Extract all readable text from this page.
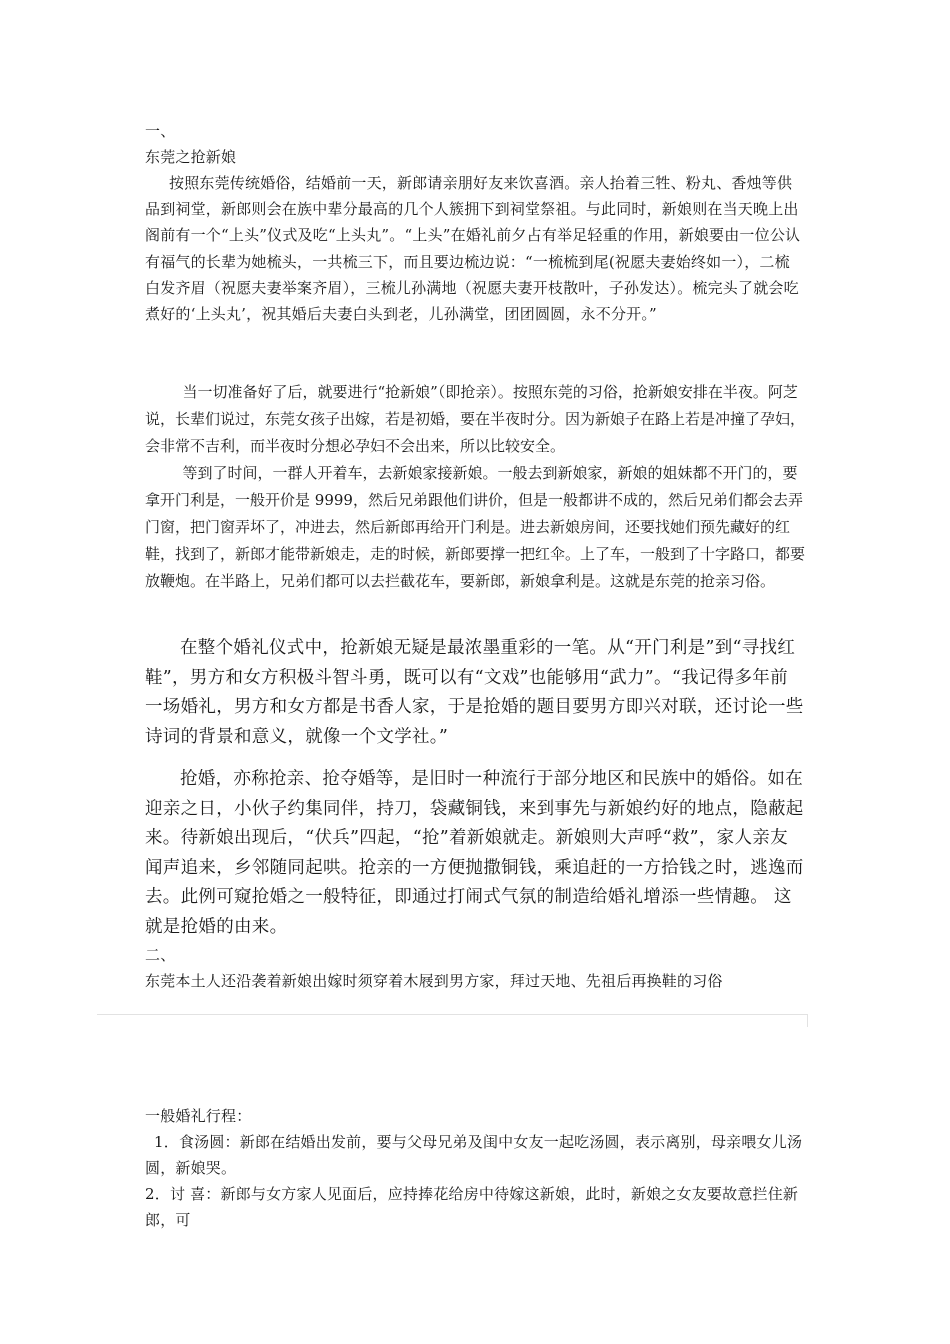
一、
东莞之抢新娘

按照东莞传统婚俗，结婚前一天，新郎请亲朋好友来饮喜酒。亲人抬着三牲、粉丸、香烛等供品到祠堂，新郎则会在族中辈分最高的几个人簇拥下到祠堂祭祖。与此同时，新娘则在当天晚上出阁前有一个“上头”仪式及吃“上头丸”。“上头”在婚礼前夕占有举足轻重的作用，新娘要由一位公认有福气的长辈为她梳头，一共梳三下，而且要边梳边说：“一梳梳到尾(祝愿夫妻始终如一），二梳白发齐眉（祝愿夫妻举案齐眉），三梳儿孙满地（祝愿夫妻开枝散叶，子孙发达）。梳完头了就会吃煮好的‘上头丸’，祝其婚后夫妻白头到老，儿孙满堂，团团圆圆，永不分开。”

当一切准备好了后，就要进行“抢新娘”（即抢亲）。按照东莞的习俗，抢新娘安排在半夜。阿芝说，长辈们说过，东莞女孩子出嫁，若是初婚，要在半夜时分。因为新娘子在路上若是冲撞了孕妇，会非常不吉利，而半夜时分想必孕妇不会出来，所以比较安全。

等到了时间，一群人开着车，去新娘家接新娘。一般去到新娘家，新娘的姐妹都不开门的，要拿开门利是，一般开价是 9999，然后兄弟跟他们讲价，但是一般都讲不成的，然后兄弟们都会去弄门窗，把门窗弄坏了，冲进去，然后新郎再给开门利是。进去新娘房间，还要找她们预先藏好的红鞋，找到了，新郎才能带新娘走，走的时候，新郎要撑一把红伞。上了车，一般到了十字路口，都要放鞭炮。在半路上，兄弟们都可以去拦截花车，要新郎，新娘拿利是。这就是东莞的抢亲习俗。

在整个婚礼仪式中，抢新娘无疑是最浓墨重彩的一笔。从“开门利是”到“寻找红鞋”，男方和女方积极斗智斗勇，既可以有“文戏”也能够用“武力”。“我记得多年前一场婚礼，男方和女方都是书香人家，于是抢婚的题目要男方即兴对联，还讨论一些诗词的背景和意义，就像一个文学社。”

抢婚，亦称抢亲、抢夺婚等，是旧时一种流行于部分地区和民族中的婚俗。如在迎亲之日，小伙子约集同伴，持刀，袋藏铜钱，来到事先与新娘约好的地点，隐蔽起来。待新娘出现后，“伏兵”四起，“抢”着新娘就走。新娘则大声呼“救”，家人亲友闻声追来，乡邻随同起哄。抢亲的一方便抛撒铜钱，乘追赶的一方拾钱之时，逃逸而去。此例可窥抢婚之一般特征，即通过打闹式气氛的制造给婚礼增添一些情趣。 这就是抢婚的由来。

二、
东莞本土人还沿袭着新娘出嫁时须穿着木屐到男方家，拜过天地、先祖后再换鞋的习俗
一般婚礼行程：

1．食汤圆：新郎在结婚出发前，要与父母兄弟及闺中女友一起吃汤圆，表示离别，母亲喂女儿汤圆，新娘哭。

2．讨 喜：新郎与女方家人见面后，应持捧花给房中待嫁这新娘，此时，新娘之女友要故意拦住新郎，可
